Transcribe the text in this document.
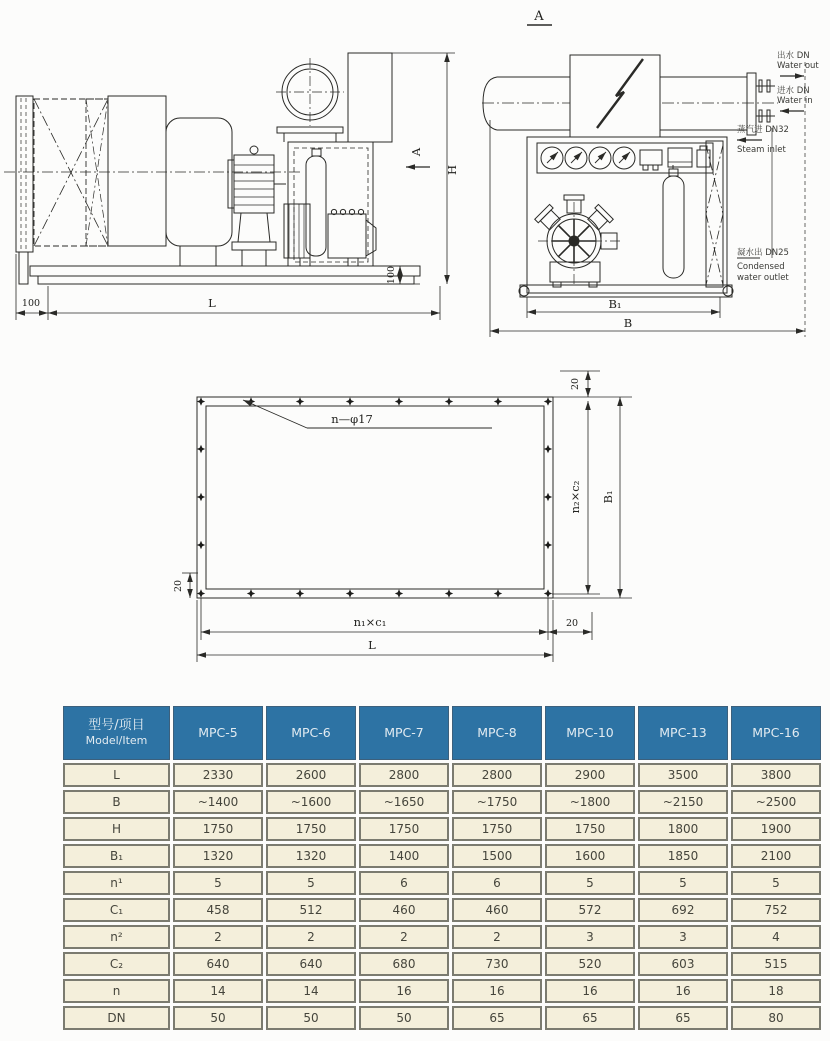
H
A
100
100	L
A
B₁
B
出水 DN
Water out
进水 DN
Water in
蒸汽进 DN32
Steam inlet
凝水出 DN25
Condensed
water outlet
n—φ17
20
n₂×c₂ B₁
20
n₁×c₁	20
L
型号/项目
Model/Item
MPC-5	MPC-6	MPC-7	MPC-8	MPC-10	MPC-13	MPC-16
L	2330	2600	2800	2800	2900	3500	3800
B	~1400	~1600	~1650	~1750	~1800	~2150	~2500
H	1750	1750	1750	1750	1750	1800	1900
B₁	1320	1320	1400	1500	1600	1850	2100
n¹	5	5	6	6	5	5	5
C₁	458	512	460	460	572	692	752
n²	2	2	2	2	3	3	4
C₂	640	640	680	730	520	603	515
n	14	14	16	16	16	16	18
DN	50	50	50	65	65	65	80
